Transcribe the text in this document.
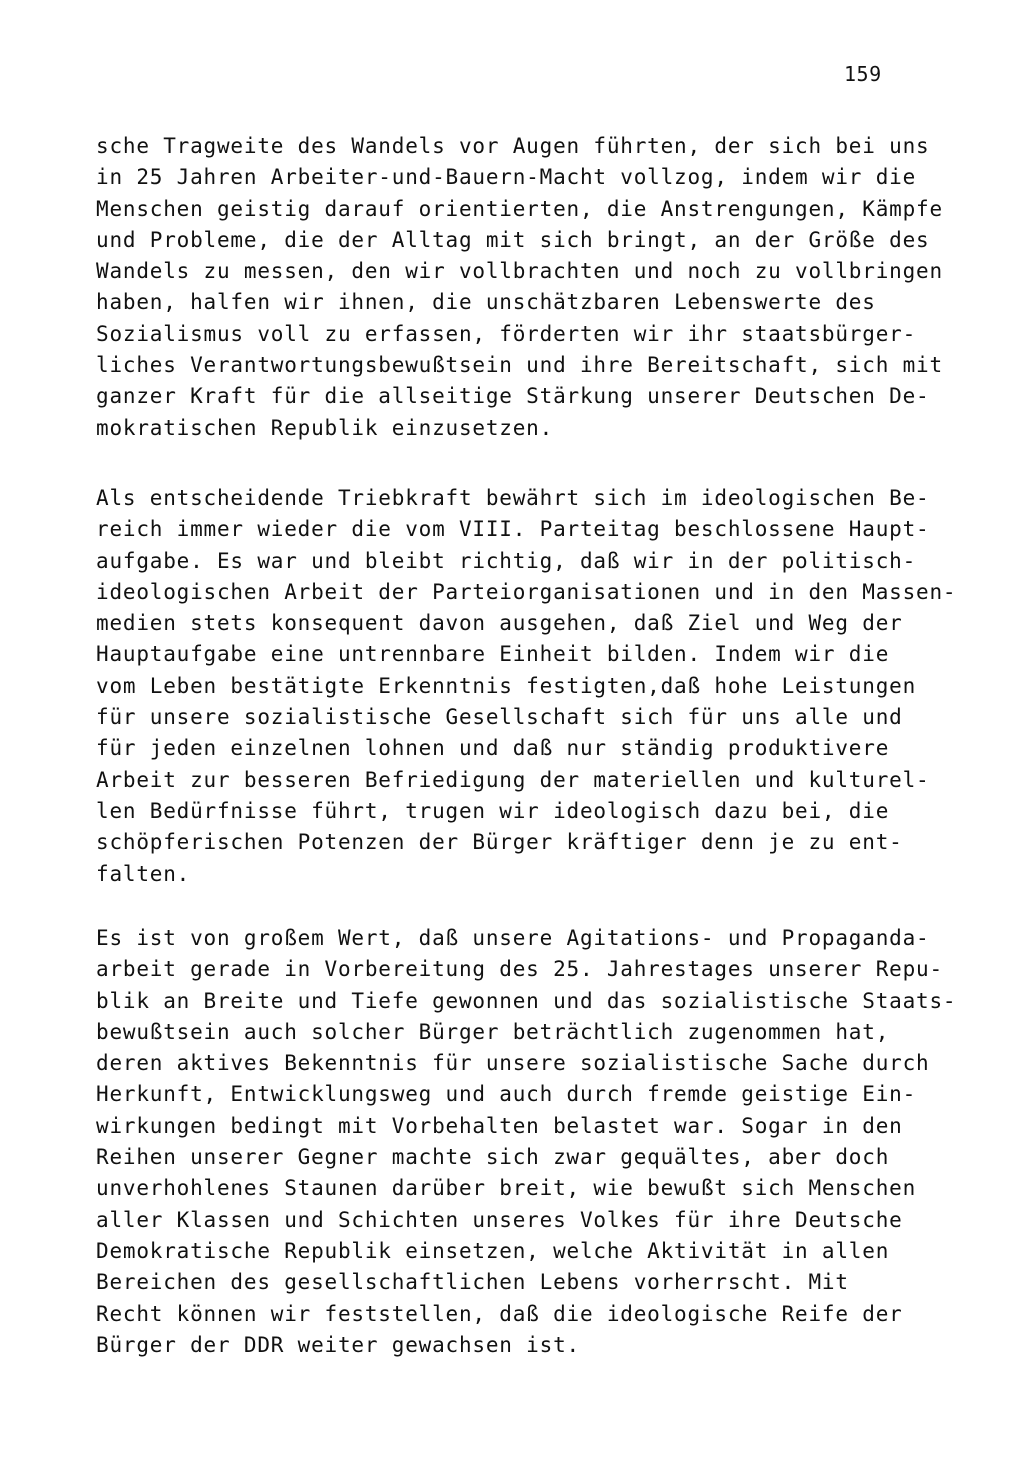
159
sche Tragweite des Wandels vor Augen führten, der sich bei uns
in 25 Jahren Arbeiter-und-Bauern-Macht vollzog, indem wir die
Menschen geistig darauf orientierten, die Anstrengungen, Kämpfe
und Probleme, die der Alltag mit sich bringt, an der Größe des
Wandels zu messen, den wir vollbrachten und noch zu vollbringen
haben, halfen wir ihnen, die unschätzbaren Lebenswerte des
Sozialismus voll zu erfassen, förderten wir ihr staatsbürger-
liches Verantwortungsbewußtsein und ihre Bereitschaft, sich mit
ganzer Kraft für die allseitige Stärkung unserer Deutschen De-
mokratischen Republik einzusetzen.
Als entscheidende Triebkraft bewährt sich im ideologischen Be-
reich immer wieder die vom VIII. Parteitag beschlossene Haupt-
aufgabe. Es war und bleibt richtig, daß wir in der politisch-
ideologischen Arbeit der Parteiorganisationen und in den Massen-
medien stets konsequent davon ausgehen, daß Ziel und Weg der
Hauptaufgabe eine untrennbare Einheit bilden. Indem wir die
vom Leben bestätigte Erkenntnis festigten,daß hohe Leistungen
für unsere sozialistische Gesellschaft sich für uns alle und
für jeden einzelnen lohnen und daß nur ständig produktivere
Arbeit zur besseren Befriedigung der materiellen und kulturel-
len Bedürfnisse führt, trugen wir ideologisch dazu bei, die
schöpferischen Potenzen der Bürger kräftiger denn je zu ent-
falten.
Es ist von großem Wert, daß unsere Agitations- und Propaganda-
arbeit gerade in Vorbereitung des 25. Jahrestages unserer Repu-
blik an Breite und Tiefe gewonnen und das sozialistische Staats-
bewußtsein auch solcher Bürger beträchtlich zugenommen hat,
deren aktives Bekenntnis für unsere sozialistische Sache durch
Herkunft, Entwicklungsweg und auch durch fremde geistige Ein-
wirkungen bedingt mit Vorbehalten belastet war. Sogar in den
Reihen unserer Gegner machte sich zwar gequältes, aber doch
unverhohlenes Staunen darüber breit, wie bewußt sich Menschen
aller Klassen und Schichten unseres Volkes für ihre Deutsche
Demokratische Republik einsetzen, welche Aktivität in allen
Bereichen des gesellschaftlichen Lebens vorherrscht. Mit
Recht können wir feststellen, daß die ideologische Reife der
Bürger der DDR weiter gewachsen ist.
